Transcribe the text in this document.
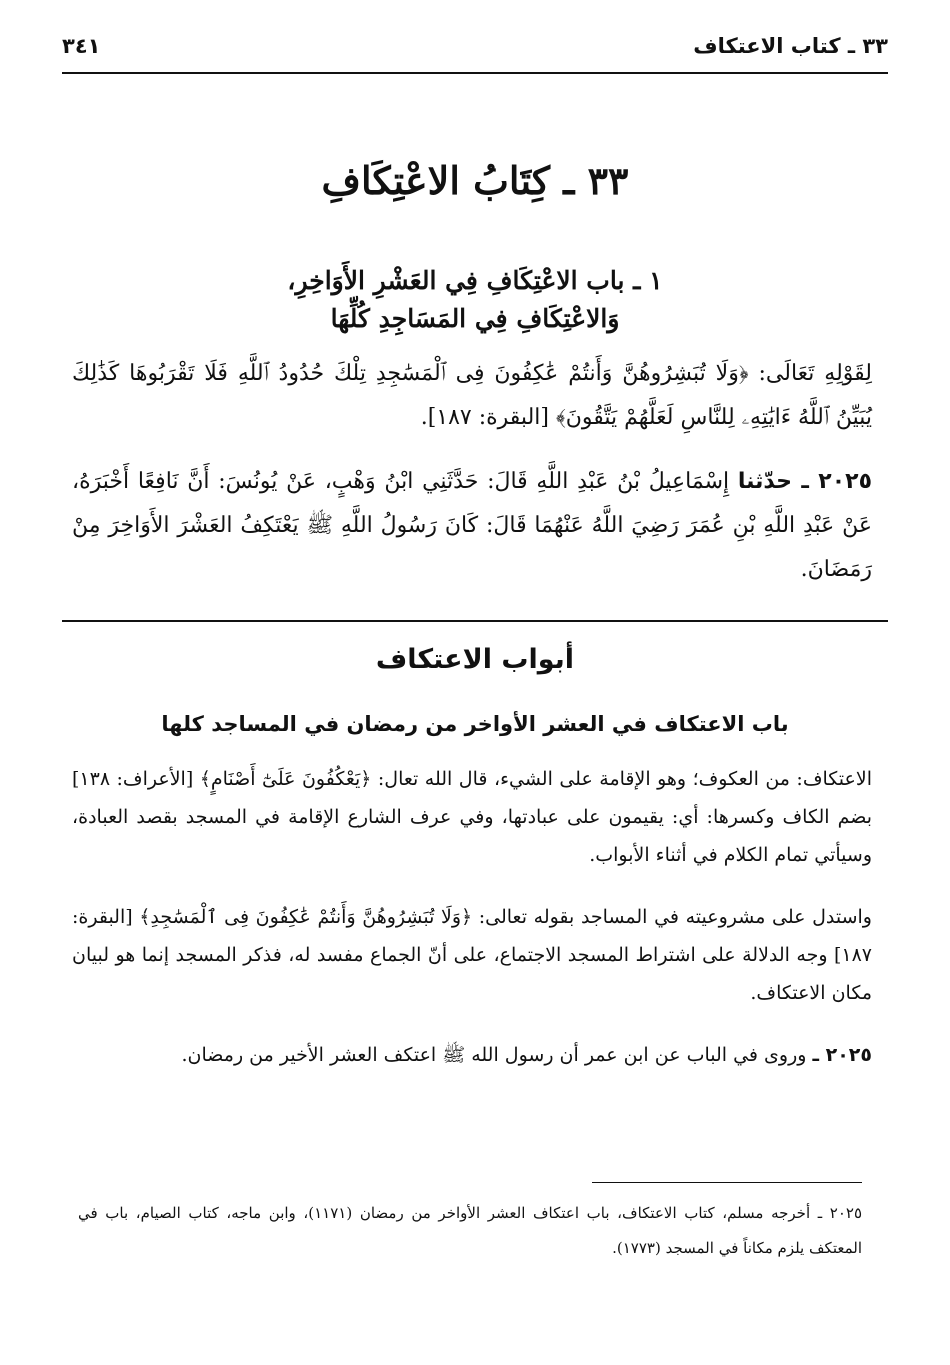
٣٣ ـ كتاب الاعتكاف
٣٤١
٣٣ ـ كِتَابُ الاعْتِكَافِ
١ ـ باب الاعْتِكَافِ فِي العَشْرِ الأَوَاخِرِ،
وَالاعْتِكَافِ فِي المَسَاجِدِ كُلِّهَا
لِقَوْلِهِ تَعَالَى: ﴿وَلَا تُبَشِرُوهُنَّ وَأَنتُمْ عَٰكِفُونَ فِى ٱلْمَسَٰجِدِ تِلْكَ حُدُودُ ٱللَّهِ فَلَا تَقْرَبُوهَا كَذَٰلِكَ يُبَيِّنُ ٱللَّهُ ءَايَٰتِهِۦ لِلنَّاسِ لَعَلَّهُمْ يَتَّقُونَ﴾ [البقرة: ١٨٧].
٢٠٢٥ ـ حدّثنا إِسْمَاعِيلُ بْنُ عَبْدِ اللَّهِ قَالَ: حَدَّثَنِي ابْنُ وَهْبٍ، عَنْ يُونُسَ: أَنَّ نَافِعًا أَخْبَرَهُ، عَنْ عَبْدِ اللَّهِ بْنِ عُمَرَ رَضِيَ اللَّهُ عَنْهُمَا قَالَ: كَانَ رَسُولُ اللَّهِ ﷺ يَعْتَكِفُ العَشْرَ الأَوَاخِرَ مِنْ رَمَضَانَ.
أبواب الاعتكاف
باب الاعتكاف في العشر الأواخر من رمضان في المساجد كلها
الاعتكاف: من العكوف؛ وهو الإقامة على الشيء، قال الله تعال: ﴿يَعْكُفُونَ عَلَىٰٓ أَصْنَامٍ﴾ [الأعراف: ١٣٨] بضم الكاف وكسرها: أي: يقيمون على عبادتها، وفي عرف الشارع الإقامة في المسجد بقصد العبادة، وسيأتي تمام الكلام في أثناء الأبواب.
واستدل على مشروعيته في المساجد بقوله تعالى: ﴿وَلَا تُبَشِرُوهُنَّ وَأَنتُمْ عَٰكِفُونَ فِى ٱلْمَسَٰجِدِ﴾ [البقرة: ١٨٧] وجه الدلالة على اشتراط المسجد الاجتماع، على أنّ الجماع مفسد له، فذكر المسجد إنما هو لبيان مكان الاعتكاف.
٢٠٢٥ ـ وروى في الباب عن ابن عمر أن رسول الله ﷺ اعتكف العشر الأخير من رمضان.
٢٠٢٥ ـ أخرجه مسلم، كتاب الاعتكاف، باب اعتكاف العشر الأواخر من رمضان (١١٧١)، وابن ماجه، كتاب الصيام، باب في المعتكف يلزم مكاناً في المسجد (١٧٧٣).
